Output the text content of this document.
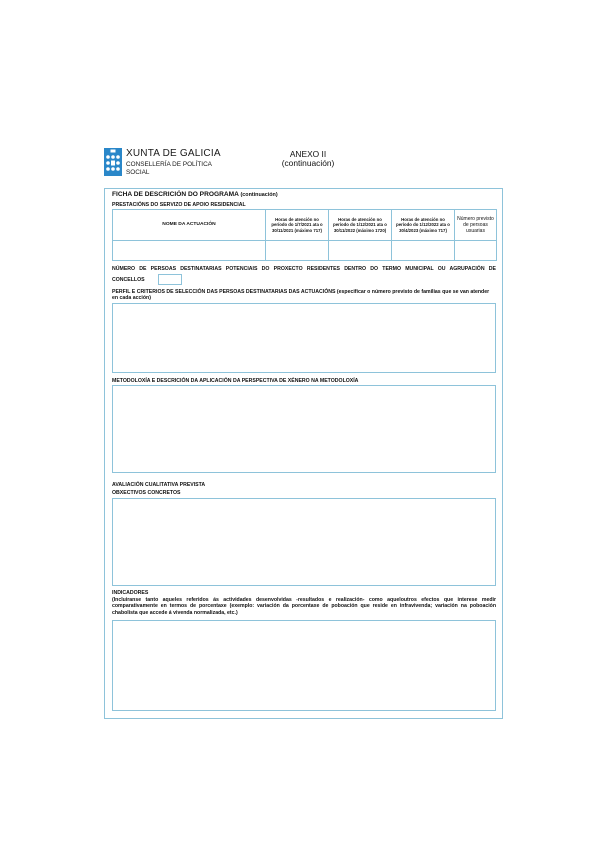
XUNTA DE GALICIA
CONSELLERÍA DE POLÍTICA
SOCIAL
ANEXO II
(continuación)
FICHA DE DESCRICIÓN DO PROGRAMA (continuación)
PRESTACIÓNS DO SERVIZO DE APOIO RESIDENCIAL
NOME DA ACTUACIÓN	Horas de atención no período do 1/7/2021 ata o 30/11/2021 (máximo 717)	Horas de atención no período do 1/12/2021 ata o 30/11/2022 (máximo 1720)	Horas de atención no período do 1/12/2022 ata o 30/4/2023 (máximo 717)	Número previsto de persoas usuarias

NÚMERO DE PERSOAS DESTINATARIAS POTENCIAIS DO PROXECTO RESIDENTES DENTRO DO TERMO MUNICIPAL OU AGRUPACIÓN DE
CONCELLOS
PERFIL E CRITERIOS DE SELECCIÓN DAS PERSOAS DESTINATARIAS DAS ACTUACIÓNS (especificar o número previsto de familias que se van atender en cada acción)
METODOLOXÍA E DESCRICIÓN DA APLICACIÓN DA PERSPECTIVA DE XÉNERO NA METODOLOXÍA
AVALIACIÓN CUALITATIVA PREVISTA
OBXECTIVOS CONCRETOS
INDICADORES
(Incluiranse tanto aqueles referidos ás actividades desenvolvidas -resultados e realización- como aqueloutros efectos que interese medir comparativamente en termos de porcentaxe (exemplo: variación da porcentaxe de poboación que reside en infravivenda; variación na poboación chabolista que accede á vivenda normalizada, etc.)
